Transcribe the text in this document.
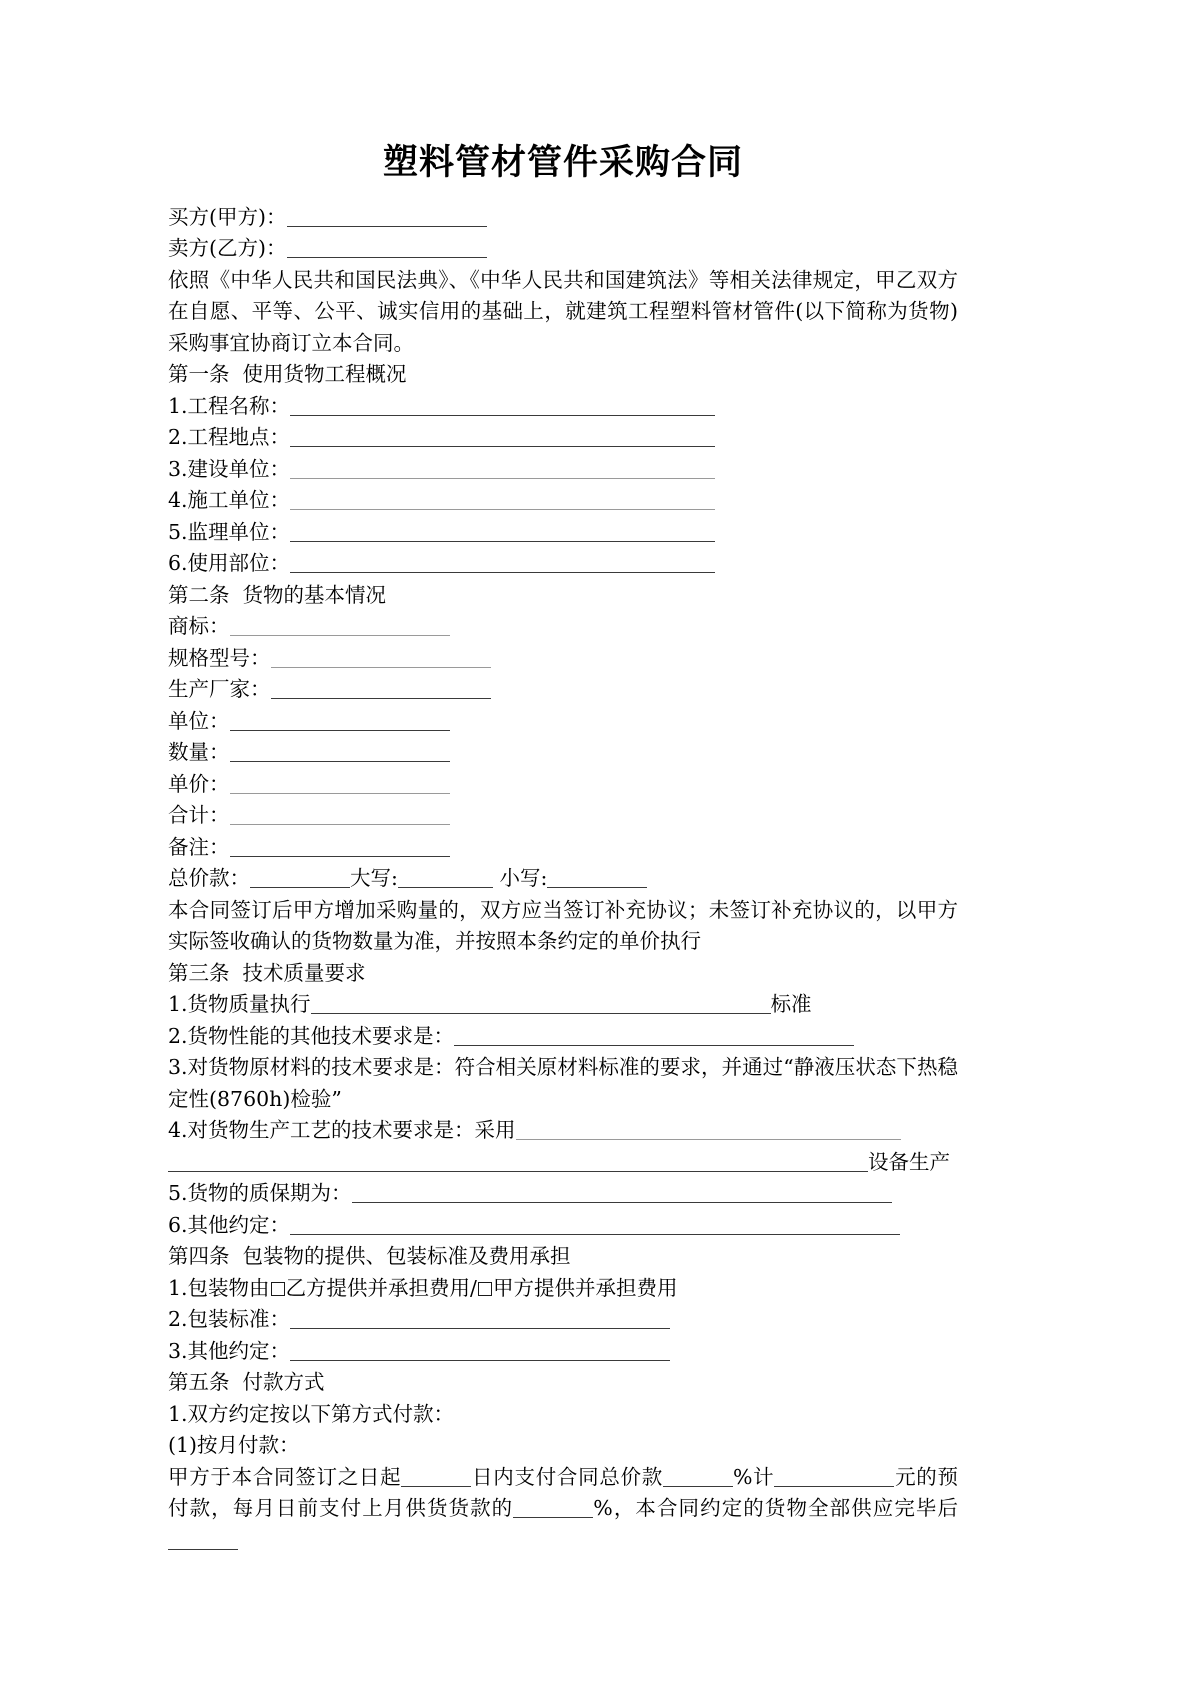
塑料管材管件采购合同

买方(甲方)：

卖方(乙方)：

依照《中华人民共和国民法典》、《中华人民共和国建筑法》等相关法律规定，甲乙双方在自愿、平等、公平、诚实信用的基础上，就建筑工程塑料管材管件(以下简称为货物)采购事宜协商订立本合同。

第一条  使用货物工程概况

1.工程名称：

2.工程地点：

3.建设单位：

4.施工单位：

5.监理单位：

6.使用部位：

第二条  货物的基本情况

商标：

规格型号：

生产厂家：

单位：

数量：

单价：

合计：

备注：

总价款：	大写:	小写:

本合同签订后甲方增加采购量的，双方应当签订补充协议；未签订补充协议的，以甲方实际签收确认的货物数量为准，并按照本条约定的单价执行

第三条  技术质量要求

1.货物质量执行	标准

2.货物性能的其他技术要求是：

3.对货物原材料的技术要求是：符合相关原材料标准的要求，并通过“静液压状态下热稳定性(8760h)检验”

4.对货物生产工艺的技术要求是：采用

设备生产

5.货物的质保期为：

6.其他约定：

第四条  包装物的提供、包装标准及费用承担

1.包装物由 乙方提供并承担费用/ 甲方提供并承担费用

2.包装标准：

3.其他约定：

第五条  付款方式

1.双方约定按以下第方式付款：

(1)按月付款：

甲方于本合同签订之日起	日内支付合同总价款	%计	元的预付款，每月日前支付上月供货货款的	%，本合同约定的货物全部供应完毕后
